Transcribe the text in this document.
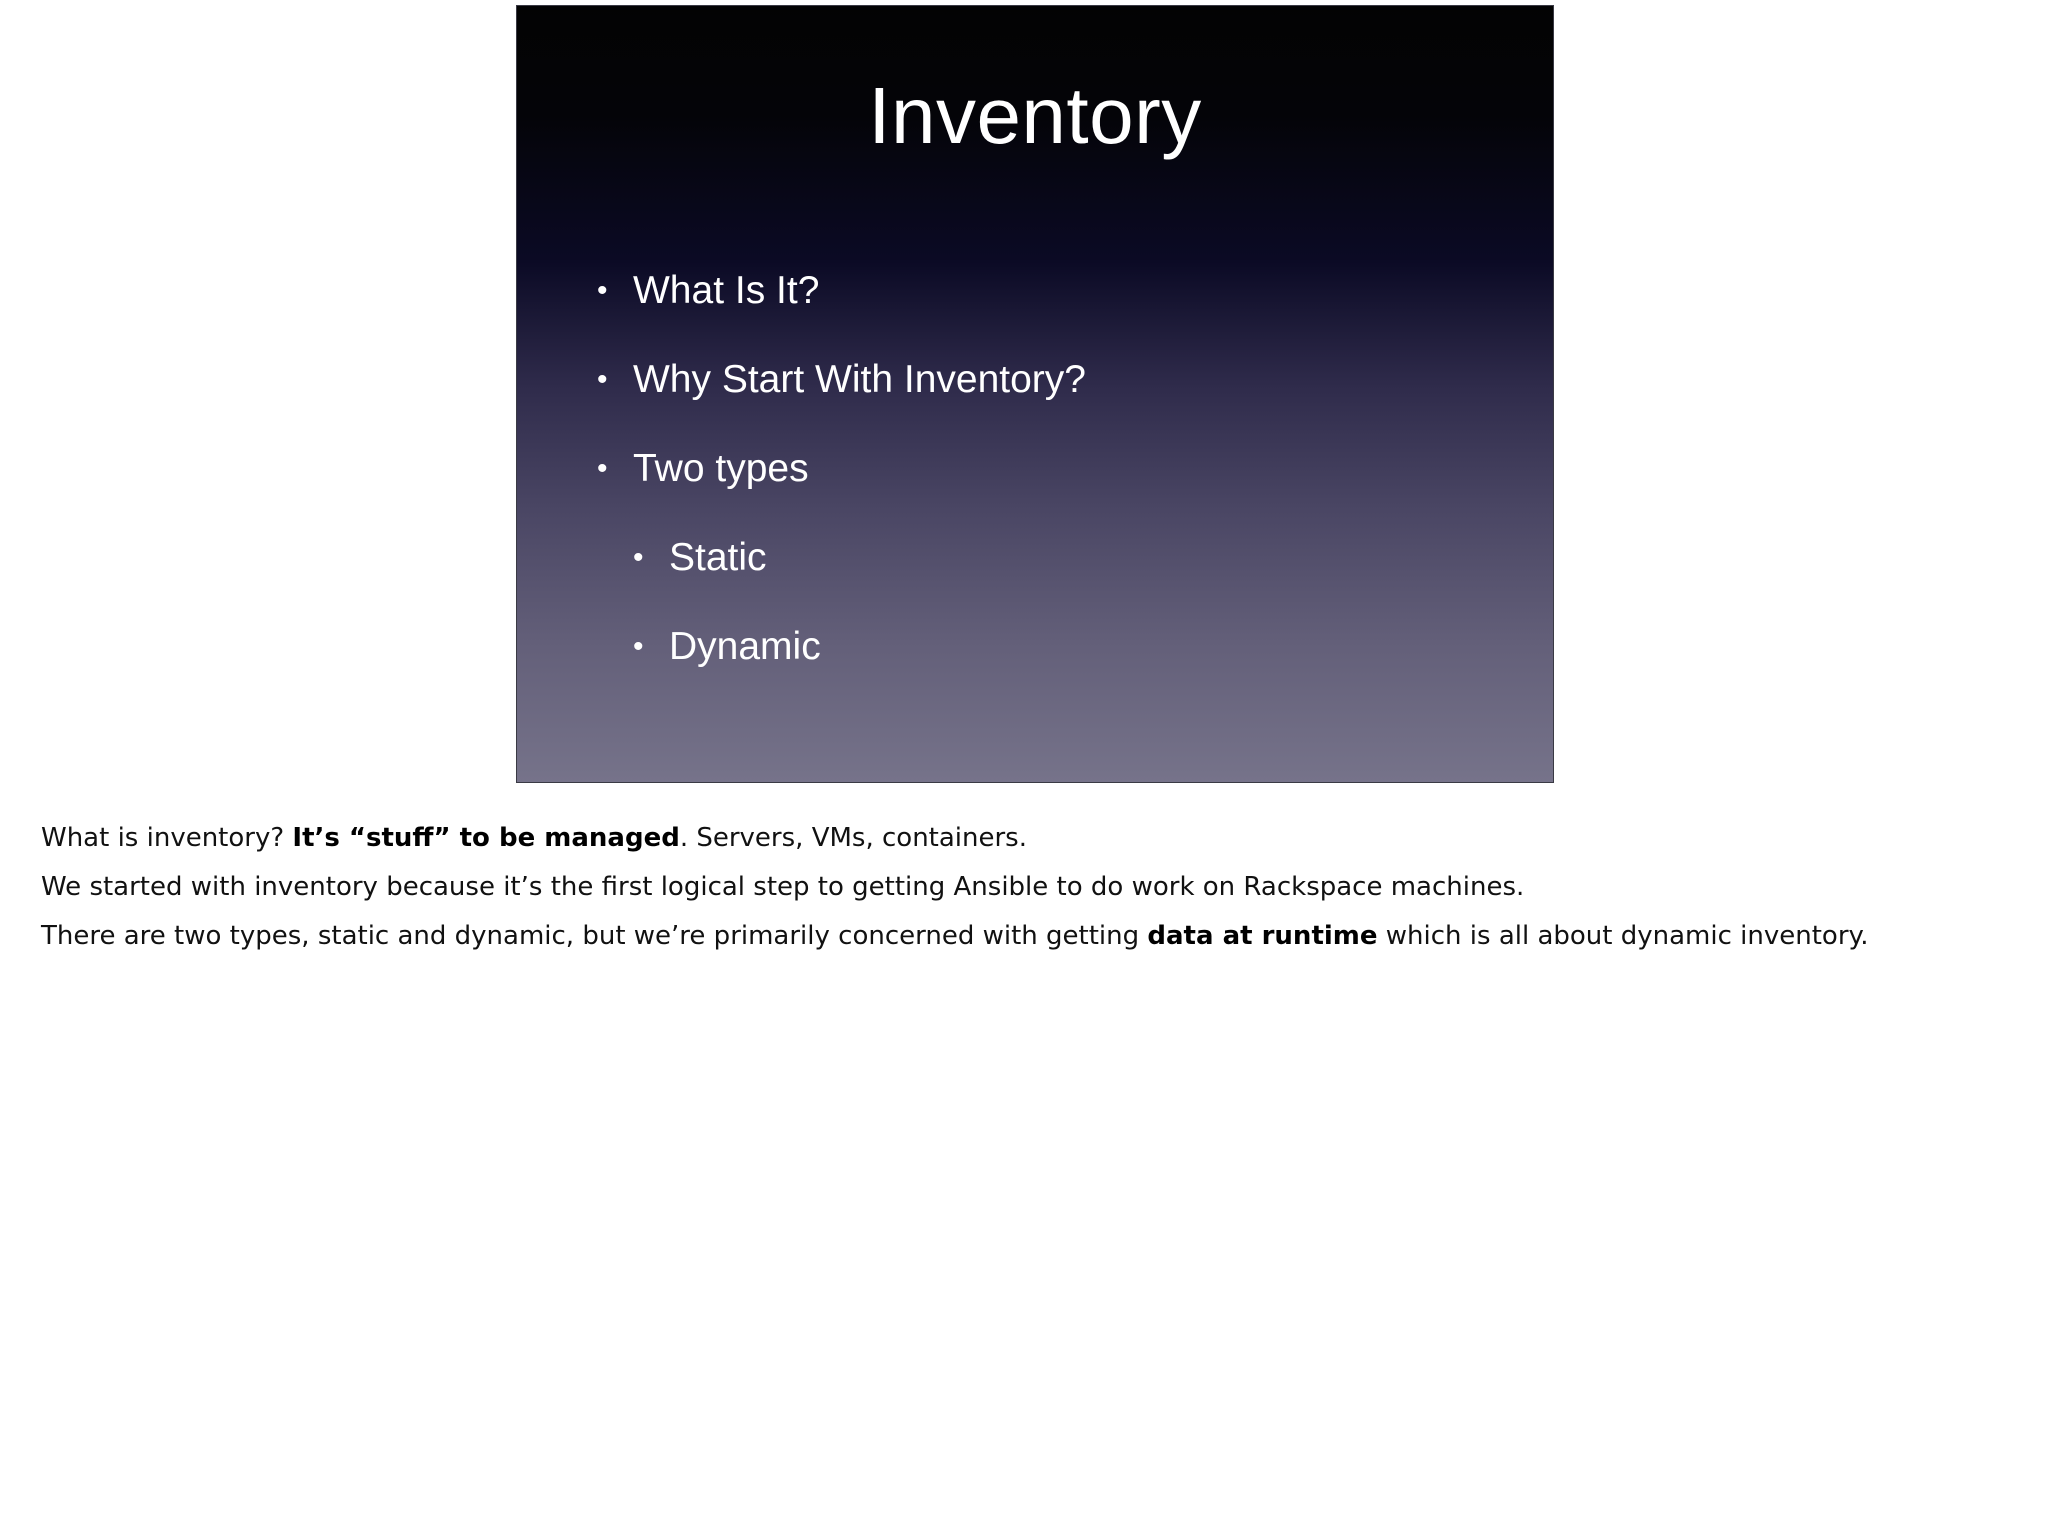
Inventory
• What Is It?
• Why Start With Inventory?
• Two types
• Static
• Dynamic

What is inventory? It’s “stuff” to be managed. Servers, VMs, containers.

We started with inventory because it’s the first logical step to getting Ansible to do work on Rackspace machines.

There are two types, static and dynamic, but we’re primarily concerned with getting data at runtime which is all about dynamic inventory.
